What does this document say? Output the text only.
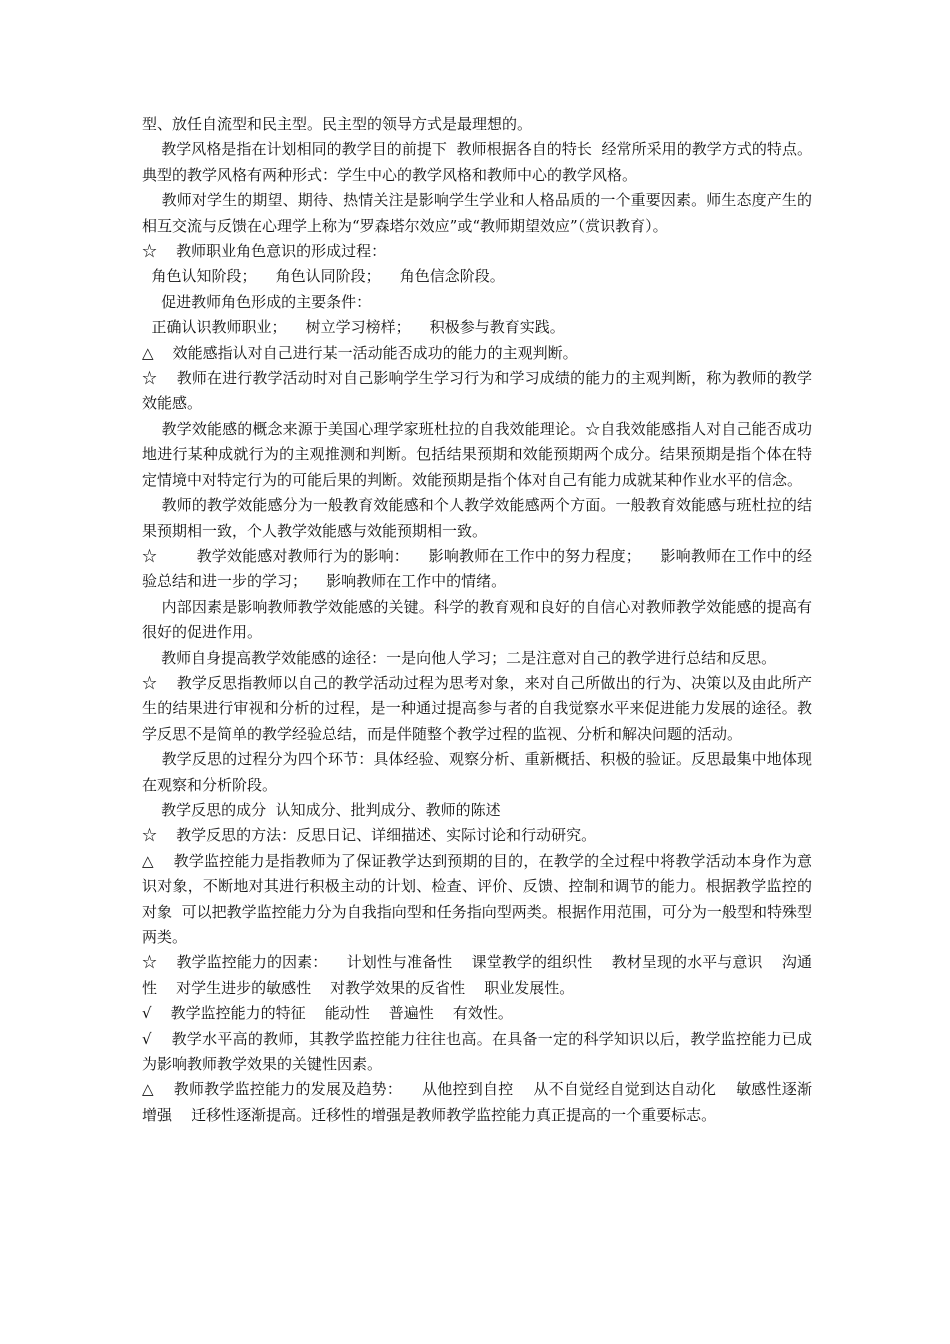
型、放任自流型和民主型。民主型的领导方式是最理想的。

教学风格是指在计划相同的教学目的前提下  教师根据各自的特长  经常所采用的教学方式的特点。典型的教学风格有两种形式：学生中心的教学风格和教师中心的教学风格。

教师对学生的期望、期待、热情关注是影响学生学业和人格品质的一个重要因素。师生态度产生的相互交流与反馈在心理学上称为“罗森塔尔效应”或“教师期望效应”（赏识教育）。

☆    教师职业角色意识的形成过程：

角色认知阶段；    角色认同阶段；    角色信念阶段。

促进教师角色形成的主要条件：

正确认识教师职业；    树立学习榜样；    积极参与教育实践。

△    效能感指认对自己进行某一活动能否成功的能力的主观判断。

☆    教师在进行教学活动时对自己影响学生学习行为和学习成绩的能力的主观判断，称为教师的教学效能感。

教学效能感的概念来源于美国心理学家班杜拉的自我效能理论。☆自我效能感指人对自己能否成功地进行某种成就行为的主观推测和判断。包括结果预期和效能预期两个成分。结果预期是指个体在特定情境中对特定行为的可能后果的判断。效能预期是指个体对自己有能力成就某种作业水平的信念。

教师的教学效能感分为一般教育效能感和个人教学效能感两个方面。一般教育效能感与班杜拉的结果预期相一致，个人教学效能感与效能预期相一致。

☆        教学效能感对教师行为的影响：    影响教师在工作中的努力程度；    影响教师在工作中的经验总结和进一步的学习；    影响教师在工作中的情绪。

内部因素是影响教师教学效能感的关键。科学的教育观和良好的自信心对教师教学效能感的提高有很好的促进作用。

教师自身提高教学效能感的途径：一是向他人学习；二是注意对自己的教学进行总结和反思。

☆    教学反思指教师以自己的教学活动过程为思考对象，来对自己所做出的行为、决策以及由此所产生的结果进行审视和分析的过程，是一种通过提高参与者的自我觉察水平来促进能力发展的途径。教学反思不是简单的教学经验总结，而是伴随整个教学过程的监视、分析和解决问题的活动。

教学反思的过程分为四个环节：具体经验、观察分析、重新概括、积极的验证。反思最集中地体现在观察和分析阶段。

教学反思的成分  认知成分、批判成分、教师的陈述

☆    教学反思的方法：反思日记、详细描述、实际讨论和行动研究。

△    教学监控能力是指教师为了保证教学达到预期的目的，在教学的全过程中将教学活动本身作为意识对象，不断地对其进行积极主动的计划、检查、评价、反馈、控制和调节的能力。根据教学监控的对象  可以把教学监控能力分为自我指向型和任务指向型两类。根据作用范围，可分为一般型和特殊型两类。

☆    教学监控能力的因素：    计划性与准备性    课堂教学的组织性    教材呈现的水平与意识    沟通性    对学生进步的敏感性    对教学效果的反省性    职业发展性。

√    教学监控能力的特征    能动性    普遍性    有效性。

√    教学水平高的教师，其教学监控能力往往也高。在具备一定的科学知识以后，教学监控能力已成为影响教师教学效果的关键性因素。

△    教师教学监控能力的发展及趋势：    从他控到自控    从不自觉经自觉到达自动化    敏感性逐渐增强    迁移性逐渐提高。迁移性的增强是教师教学监控能力真正提高的一个重要标志。
